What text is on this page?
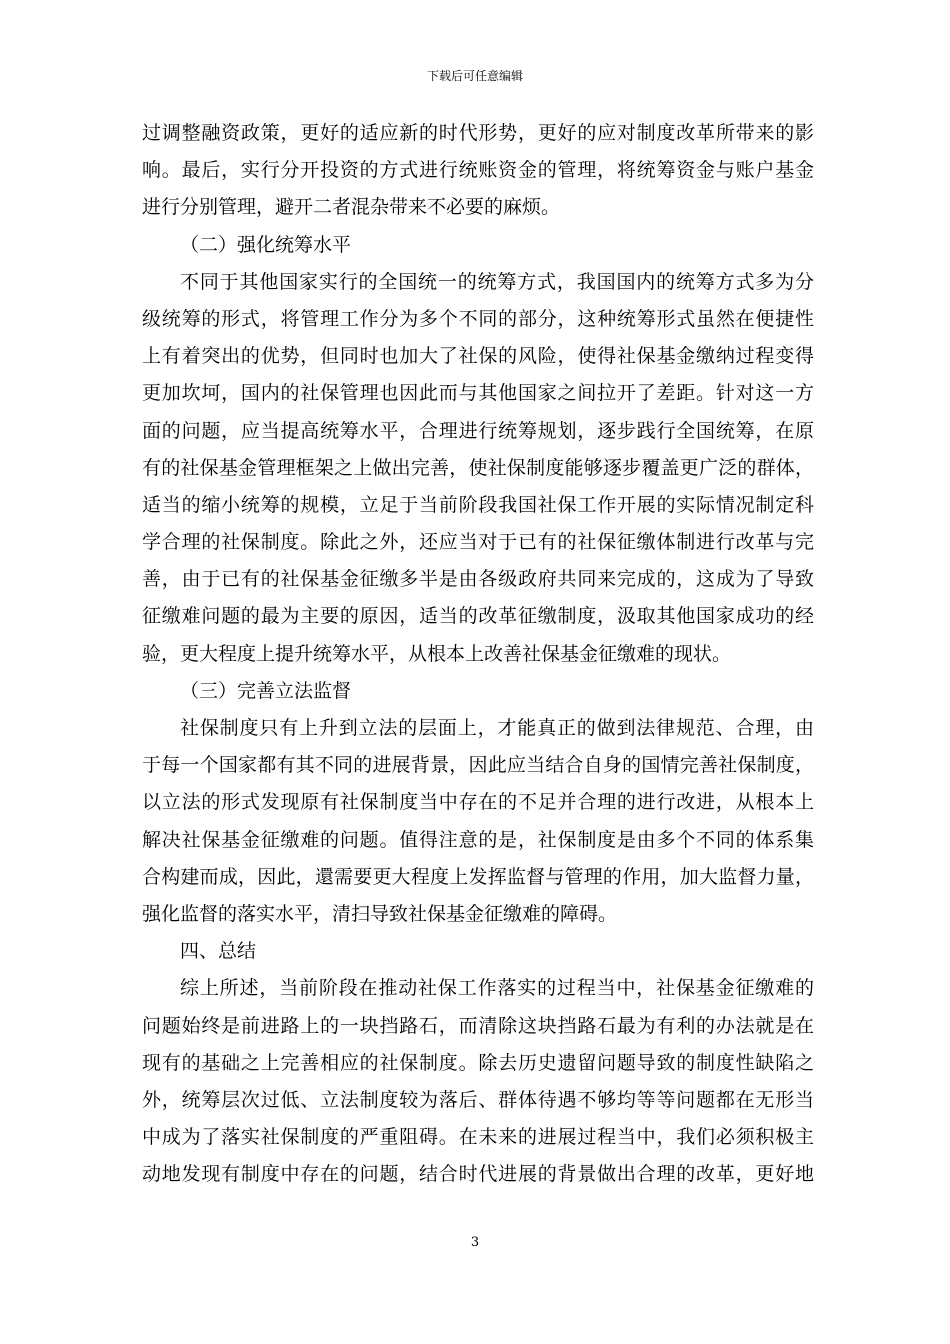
下载后可任意编辑
过调整融资政策，更好的适应新的时代形势，更好的应对制度改革所带来的影
响。最后，实行分开投资的方式进行统账资金的管理，将统筹资金与账户基金
进行分别管理，避开二者混杂带来不必要的麻烦。
（二）强化统筹水平
不同于其他国家实行的全国统一的统筹方式，我国国内的统筹方式多为分
级统筹的形式，将管理工作分为多个不同的部分，这种统筹形式虽然在便捷性
上有着突出的优势，但同时也加大了社保的风险，使得社保基金缴纳过程变得
更加坎坷，国内的社保管理也因此而与其他国家之间拉开了差距。针对这一方
面的问题，应当提高统筹水平，合理进行统筹规划，逐步践行全国统筹，在原
有的社保基金管理框架之上做出完善，使社保制度能够逐步覆盖更广泛的群体，
适当的缩小统筹的规模，立足于当前阶段我国社保工作开展的实际情况制定科
学合理的社保制度。除此之外，还应当对于已有的社保征缴体制进行改革与完
善，由于已有的社保基金征缴多半是由各级政府共同来完成的，这成为了导致
征缴难问题的最为主要的原因，适当的改革征缴制度，汲取其他国家成功的经
验，更大程度上提升统筹水平，从根本上改善社保基金征缴难的现状。
（三）完善立法监督
社保制度只有上升到立法的层面上，才能真正的做到法律规范、合理，由
于每一个国家都有其不同的进展背景，因此应当结合自身的国情完善社保制度，
以立法的形式发现原有社保制度当中存在的不足并合理的进行改进，从根本上
解决社保基金征缴难的问题。值得注意的是，社保制度是由多个不同的体系集
合构建而成，因此，還需要更大程度上发挥监督与管理的作用，加大监督力量，
强化监督的落实水平，清扫导致社保基金征缴难的障碍。
四、总结
综上所述，当前阶段在推动社保工作落实的过程当中，社保基金征缴难的
问题始终是前进路上的一块挡路石，而清除这块挡路石最为有利的办法就是在
现有的基础之上完善相应的社保制度。除去历史遗留问题导致的制度性缺陷之
外，统筹层次过低、立法制度较为落后、群体待遇不够均等等问题都在无形当
中成为了落实社保制度的严重阻碍。在未来的进展过程当中，我们必须积极主
动地发现有制度中存在的问题，结合时代进展的背景做出合理的改革，更好地
3
